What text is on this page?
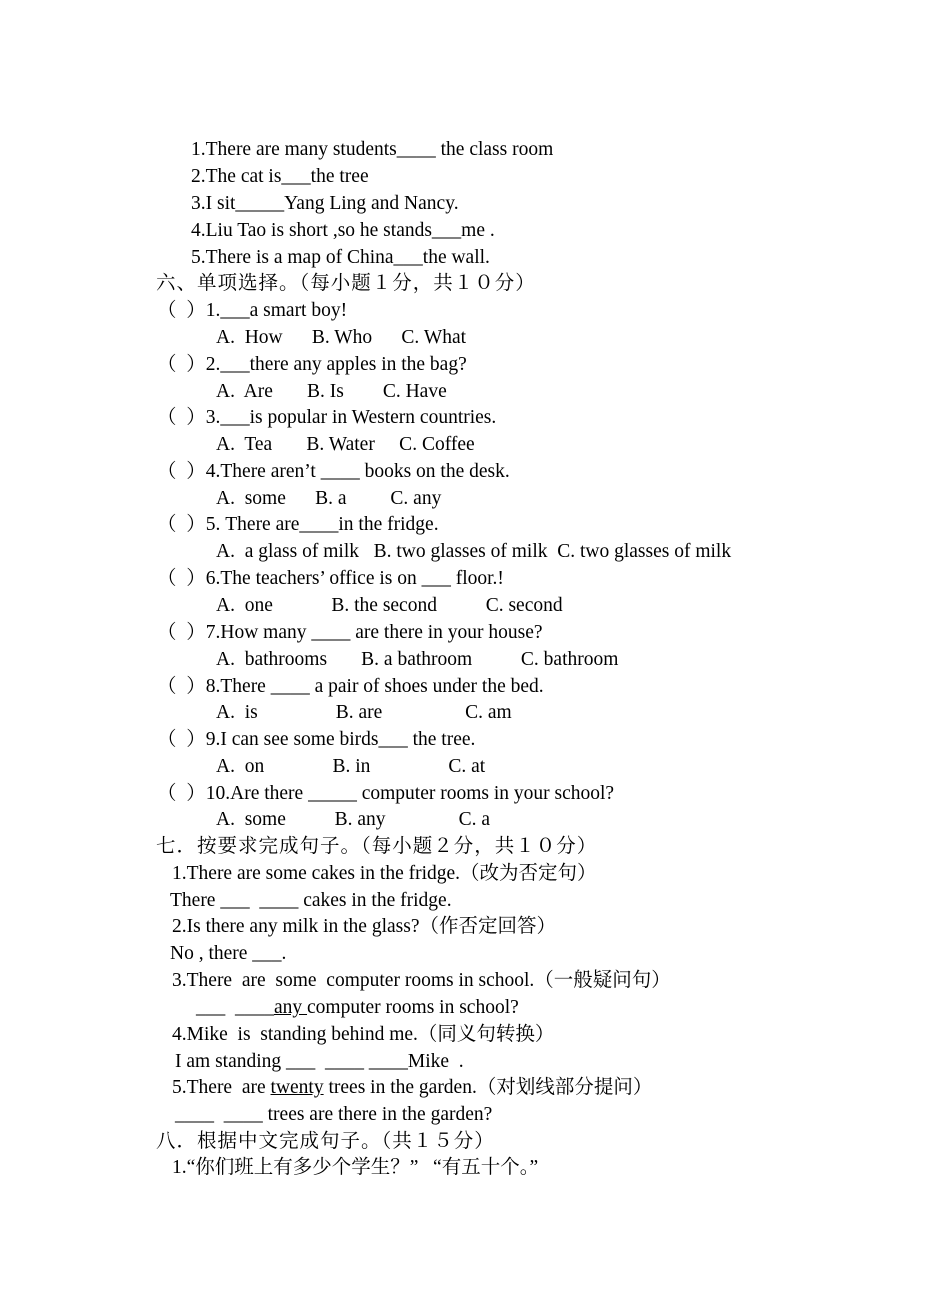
1.There are many students____ the class room
2.The cat is___the tree
3.I sit_____Yang Ling and Nancy.
4.Liu Tao is short ,so he stands___me .
5.There is a map of China___the wall.
六、单项选择。（每小题１分，共１０分）
（  ）1.___a smart boy!
A.  How      B. Who      C. What
（  ）2.___there any apples in the bag?
A.  Are       B. Is        C. Have
（  ）3.___is popular in Western countries.
A.  Tea       B. Water     C. Coffee
（  ）4.There aren’t ____ books on the desk.
A.  some      B. a         C. any
（  ）5. There are____in the fridge.
A.  a glass of milk   B. two glasses of milk  C. two glasses of milk
（  ）6.The teachers’ office is on ___ floor.!
A.  one            B. the second          C. second
（  ）7.How many ____ are there in your house?
A.  bathrooms       B. a bathroom          C. bathroom
（  ）8.There ____ a pair of shoes under the bed.
A.  is                B. are                 C. am
（  ）9.I can see some birds___ the tree.
A.  on              B. in                C. at
（  ）10.Are there _____ computer rooms in your school?
A.  some          B. any               C. a
七．按要求完成句子。（每小题２分，共１０分）
1.There are some cakes in the fridge.（改为否定句）
There ___  ____ cakes in the fridge.
2.Is there any milk in the glass?（作否定回答）
No , there ___.
3.There  are  some  computer rooms in school.（一般疑问句）
___  ____any computer rooms in school?
4.Mike  is  standing behind me.（同义句转换）
I am standing ___  ____ ____Mike  .
5.There  are twenty trees in the garden.（对划线部分提问）
____  ____ trees are there in the garden?
八．根据中文完成句子。（共１５分）
1.“你们班上有多少个学生？”   “有五十个。”
